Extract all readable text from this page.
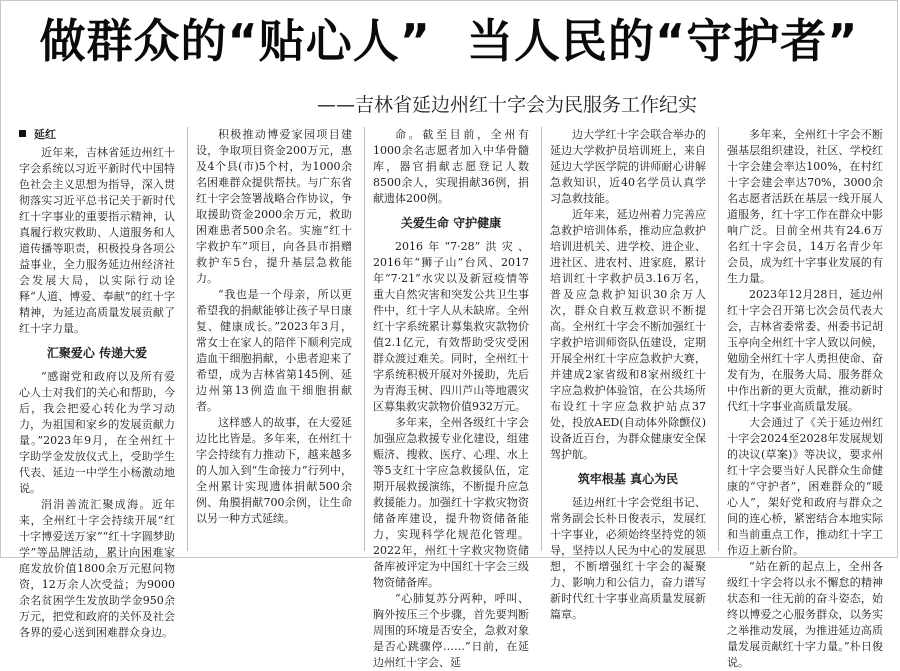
做群众的“贴心人” 当人民的“守护者”
——吉林省延边州红十字会为民服务工作纪实
延红

近年来，吉林省延边州红十字会系统以习近平新时代中国特色社会主义思想为指导，深入贯彻落实习近平总书记关于新时代红十字事业的重要指示精神，认真履行救灾救助、人道服务和人道传播等职责，积极投身各项公益事业，全力服务延边州经济社会发展大局，以实际行动诠释“人道、博爱、奉献”的红十字精神，为延边高质量发展贡献了红十字力量。

汇聚爱心 传递大爱

“感谢党和政府以及所有爱心人士对我们的关心和帮助，今后，我会把爱心转化为学习动力，为祖国和家乡的发展贡献力量。”2023年9月，在全州红十字助学金发放仪式上，受助学生代表、延边一中学生小杨激动地说。

涓涓善流汇聚成海。近年来，全州红十字会持续开展“红十字博爱送万家”“红十字圆梦助学”等品牌活动，累计向困难家庭发放价值1800余万元慰问物资，12万余人次受益；为9000余名贫困学生发放助学金950余万元，把党和政府的关怀及社会各界的爱心送到困难群众身边。

积极推动博爱家园项目建设，争取项目资金200万元，惠及4个县(市)5个村，为1000余名困难群众提供帮扶。与广东省红十字会签署战略合作协议，争取援助资金2000余万元，救助困难患者500余名。实施“红十字救护车”项目，向各县市捐赠救护车5台，提升基层急救能力。

“我也是一个母亲，所以更希望我的捐献能够让孩子早日康复、健康成长。”2023年3月，常女士在家人的陪伴下顺利完成造血干细胞捐献，小患者迎来了希望，成为吉林省第145例、延边州第13例造血干细胞捐献者。

这样感人的故事，在大爱延边比比皆是。多年来，在州红十字会持续有力推动下，越来越多的人加入到“生命接力”行列中，全州累计实现遗体捐献500余例、角膜捐献700余例，让生命以另一种方式延续。

命。截至目前，全州有1000余名志愿者加入中华骨髓库，器官捐献志愿登记人数8500余人，实现捐献36例，捐献遗体200例。

关爱生命 守护健康

2016年“7·28”洪灾、2016年“狮子山”台风、2017年“7·21”水灾以及新冠疫情等重大自然灾害和突发公共卫生事件中，红十字人从未缺席。全州红十字系统累计募集救灾款物价值2.1亿元，有效帮助受灾受困群众渡过难关。同时，全州红十字系统积极开展对外援助，先后为青海玉树、四川芦山等地震灾区募集救灾款物价值932万元。

多年来，全州各级红十字会加强应急救援专业化建设，组建赈济、搜救、医疗、心理、水上等5支红十字应急救援队伍，定期开展救援演练，不断提升应急救援能力。加强红十字救灾物资储备库建设，提升物资储备能力，实现科学化规范化管理。2022年，州红十字救灾物资储备库被评定为中国红十字会三级物资储备库。

“心肺复苏分两种，呼叫、胸外按压三个步骤，首先要判断周围的环境是否安全，急救对象是否心跳骤停……”日前，在延边州红十字会、延

边大学红十字会联合举办的延边大学救护员培训班上，来自延边大学医学院的讲师耐心讲解急救知识，近40名学员认真学习急救技能。

近年来，延边州着力完善应急救护培训体系，推动应急救护培训进机关、进学校、进企业、进社区、进农村、进家庭，累计培训红十字救护员3.16万名，普及应急救护知识30余万人次，群众自救互救意识不断提高。全州红十字会不断加强红十字救护培训师资队伍建设，定期开展全州红十字应急救护大赛，并建成2家省级和8家州级红十字应急救护体验馆，在公共场所布设红十字应急救护站点37处，投放AED(自动体外除颤仪)设备近百台，为群众健康安全保驾护航。

筑牢根基 真心为民

延边州红十字会党组书记、常务副会长朴日俊表示，发展红十字事业，必须始终坚持党的领导，坚持以人民为中心的发展思想，不断增强红十字会的凝聚力、影响力和公信力，奋力谱写新时代红十字事业高质量发展新篇章。

多年来，全州红十字会不断强基层组织建设，社区、学校红十字会建会率达100%，在村红十字会建会率达70%，3000余名志愿者活跃在基层一线开展人道服务，红十字工作在群众中影响广泛。目前全州共有24.6万名红十字会员，14万名青少年会员，成为红十字事业发展的有生力量。

2023年12月28日，延边州红十字会召开第七次会员代表大会，吉林省委常委、州委书记胡玉亭向全州红十字人致以问候，勉励全州红十字人勇担使命、奋发有为，在服务大局、服务群众中作出新的更大贡献，推动新时代红十字事业高质量发展。

大会通过了《关于延边州红十字会2024至2028年发展规划的决议(草案)》等决议，要求州红十字会要当好人民群众生命健康的“守护者”，困难群众的“暖心人”，架好党和政府与群众之间的连心桥，紧密结合本地实际和当前重点工作，推动红十字工作迈上新台阶。

“站在新的起点上，全州各级红十字会将以永不懈怠的精神状态和一往无前的奋斗姿态，始终以博爱之心服务群众，以务实之举推动发展，为推进延边高质量发展贡献红十字力量。”朴日俊说。
